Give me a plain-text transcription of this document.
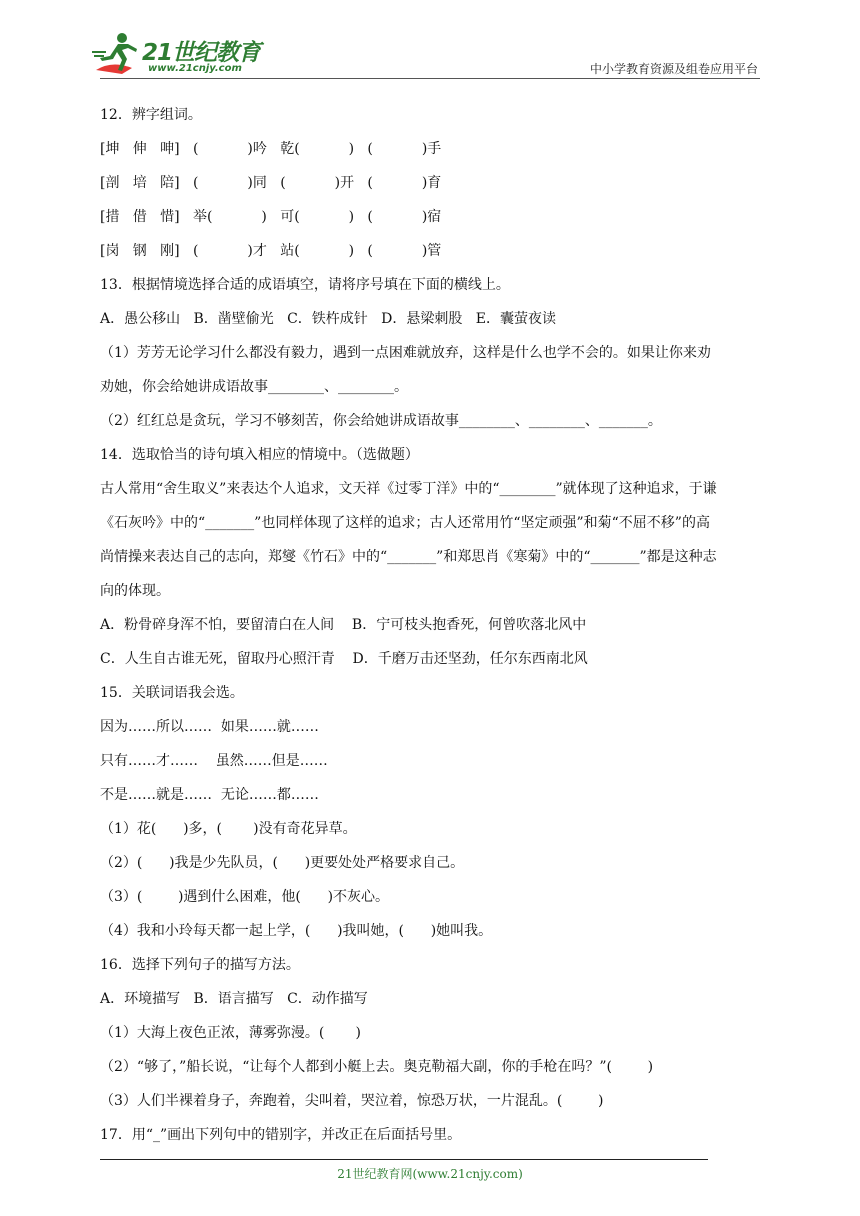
21世纪教育
www.21cnjy.com	中小学教育资源及组卷应用平台
12．辨字组词。
[坤   伸   呻]   (           )吟   乾(           )   (           )手
[剖   培   陪]   (           )同   (           )开   (           )育
[措   借   惜]   举(           )   可(           )   (           )宿
[岗   钢   刚]   (           )才   站(           )   (           )管
13．根据情境选择合适的成语填空，请将序号填在下面的横线上。
A．愚公移山   B．凿壁偷光   C．铁杵成针   D．悬梁刺股   E．囊萤夜读
（1）芳芳无论学习什么都没有毅力，遇到一点困难就放弃，这样是什么也学不会的。如果让你来劝
劝她，你会给她讲成语故事________、________。
（2）红红总是贪玩，学习不够刻苦，你会给她讲成语故事________、________、_______。
14．选取恰当的诗句填入相应的情境中。（选做题）
古人常用“舍生取义”来表达个人追求，文天祥《过零丁洋》中的“________”就体现了这种追求，于谦
《石灰吟》中的“_______”也同样体现了这样的追求；古人还常用竹“坚定顽强”和菊“不屈不移”的高
尚情操来表达自己的志向，郑燮《竹石》中的“_______”和郑思肖《寒菊》中的“_______”都是这种志
向的体现。
A．粉骨碎身浑不怕，要留清白在人间    B．宁可枝头抱香死，何曾吹落北风中
C．人生自古谁无死，留取丹心照汗青    D．千磨万击还坚劲，任尔东西南北风
15．关联词语我会选。
因为……所以……  如果……就……
只有……才……    虽然……但是……
不是……就是……  无论……都……
（1）花(      )多，(       )没有奇花异草。
（2）(      )我是少先队员，(      )更要处处严格要求自己。
（3）(        )遇到什么困难，他(      )不灰心。
（4）我和小玲每天都一起上学，(      )我叫她，(      )她叫我。
16．选择下列句子的描写方法。
A．环境描写   B．语言描写   C．动作描写
（1）大海上夜色正浓，薄雾弥漫。(       )
（2）“够了，”船长说，“让每个人都到小艇上去。奥克勒福大副，你的手枪在吗？”(        )
（3）人们半裸着身子，奔跑着，尖叫着，哭泣着，惊恐万状，一片混乱。(        )
17．用“_”画出下列句中的错别字，并改正在后面括号里。
21世纪教育网(www.21cnjy.com)
